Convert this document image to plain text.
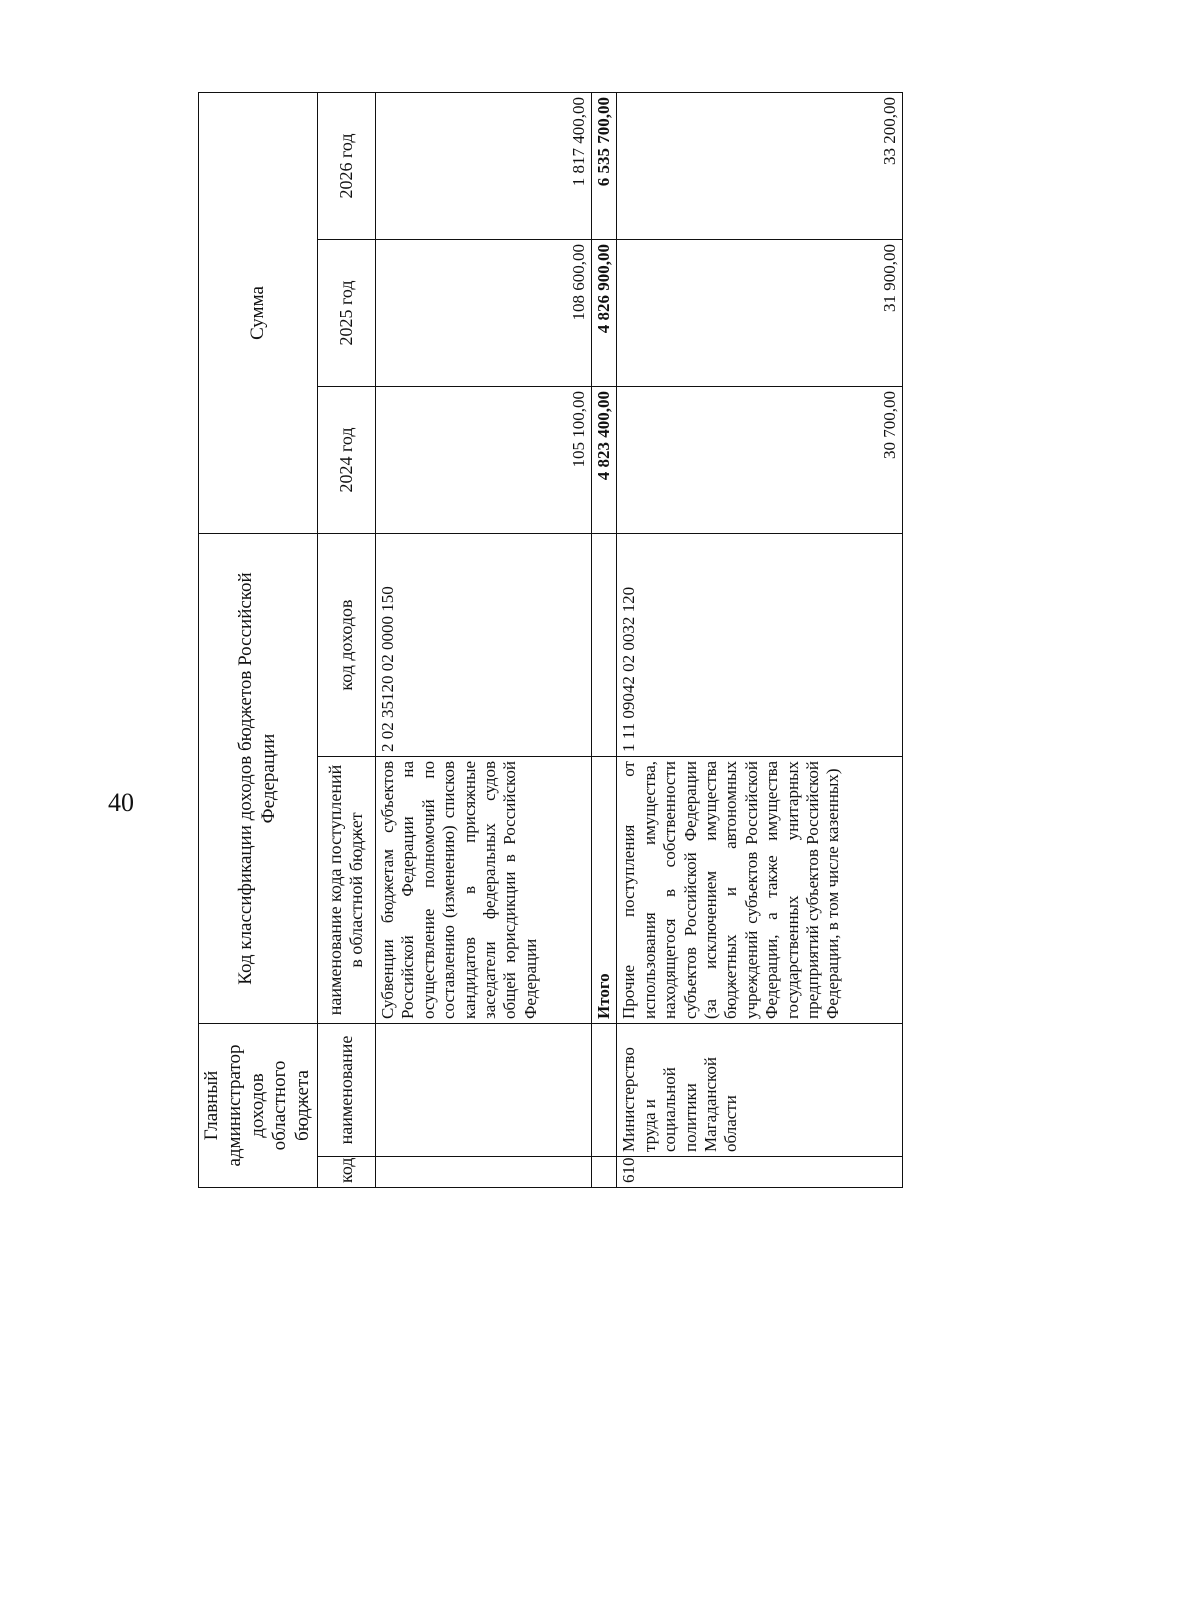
40
Главный администратор доходов областного бюджета		Код классификации доходов бюджетов Российской Федерации		Сумма		
код	наименование	наименование кода поступлений в областной бюджет	код доходов	2024 год	2025 год	2026 год
		Субвенции бюджетам субъектов Российской Федерации на осуществление полномочий по составлению (изменению) списков кандидатов в присяжные заседатели федеральных судов общей юрисдикции в Российской Федерации	2 02 35120 02 0000 150	105 100,00	108 600,00	1 817 400,00
		Итого		4 823 400,00	4 826 900,00	6 535 700,00
610	Министерство труда и социальной политики Магаданской области	Прочие поступления от использования имущества, находящегося в собственности субъектов Российской Федерации (за исключением имущества бюджетных и автономных учреждений субъектов Российской Федерации, а также имущества государственных унитарных предприятий субъектов Российской Федерации, в том числе казенных)	1 11 09042 02 0032 120	30 700,00	31 900,00	33 200,00
